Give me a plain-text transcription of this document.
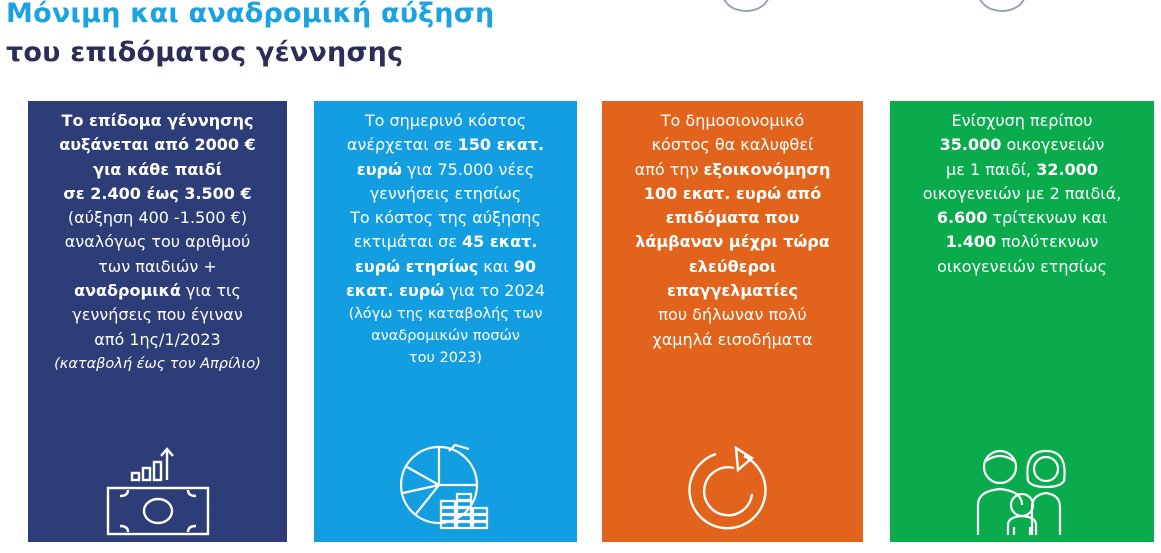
Μόνιμη και αναδρομική αύξηση
του επιδόματος γέννησης

Το επίδομα γέννησης

αυξάνεται από 2000 €

για κάθε παιδί

σε 2.400 έως 3.500 €

(αύξηση 400 -1.500 €)

αναλόγως του αριθμού

των παιδιών +

αναδρομικά για τις

γεννήσεις που έγιναν

από 1ης/1/2023

(καταβολή έως τον Απρίλιο)

Το σημερινό κόστος

ανέρχεται σε 150 εκατ.

ευρώ για 75.000 νέες

γεννήσεις ετησίως

Το κόστος της αύξησης

εκτιμάται σε 45 εκατ.

ευρώ ετησίως και 90

εκατ. ευρώ για το 2024

(λόγω της καταβολής των

αναδρομικών ποσών

του 2023)

Το δημοσιονομικό

κόστος θα καλυφθεί

από την εξοικονόμηση

100 εκατ. ευρώ από

επιδόματα που

λάμβαναν μέχρι τώρα

ελεύθεροι

επαγγελματίες

που δήλωναν πολύ

χαμηλά εισοδήματα

Ενίσχυση περίπου

35.000 οικογενειών

με 1 παιδί, 32.000

οικογενειών με 2 παιδιά,

6.600 τρίτεκνων και

1.400 πολύτεκνων

οικογενειών ετησίως
